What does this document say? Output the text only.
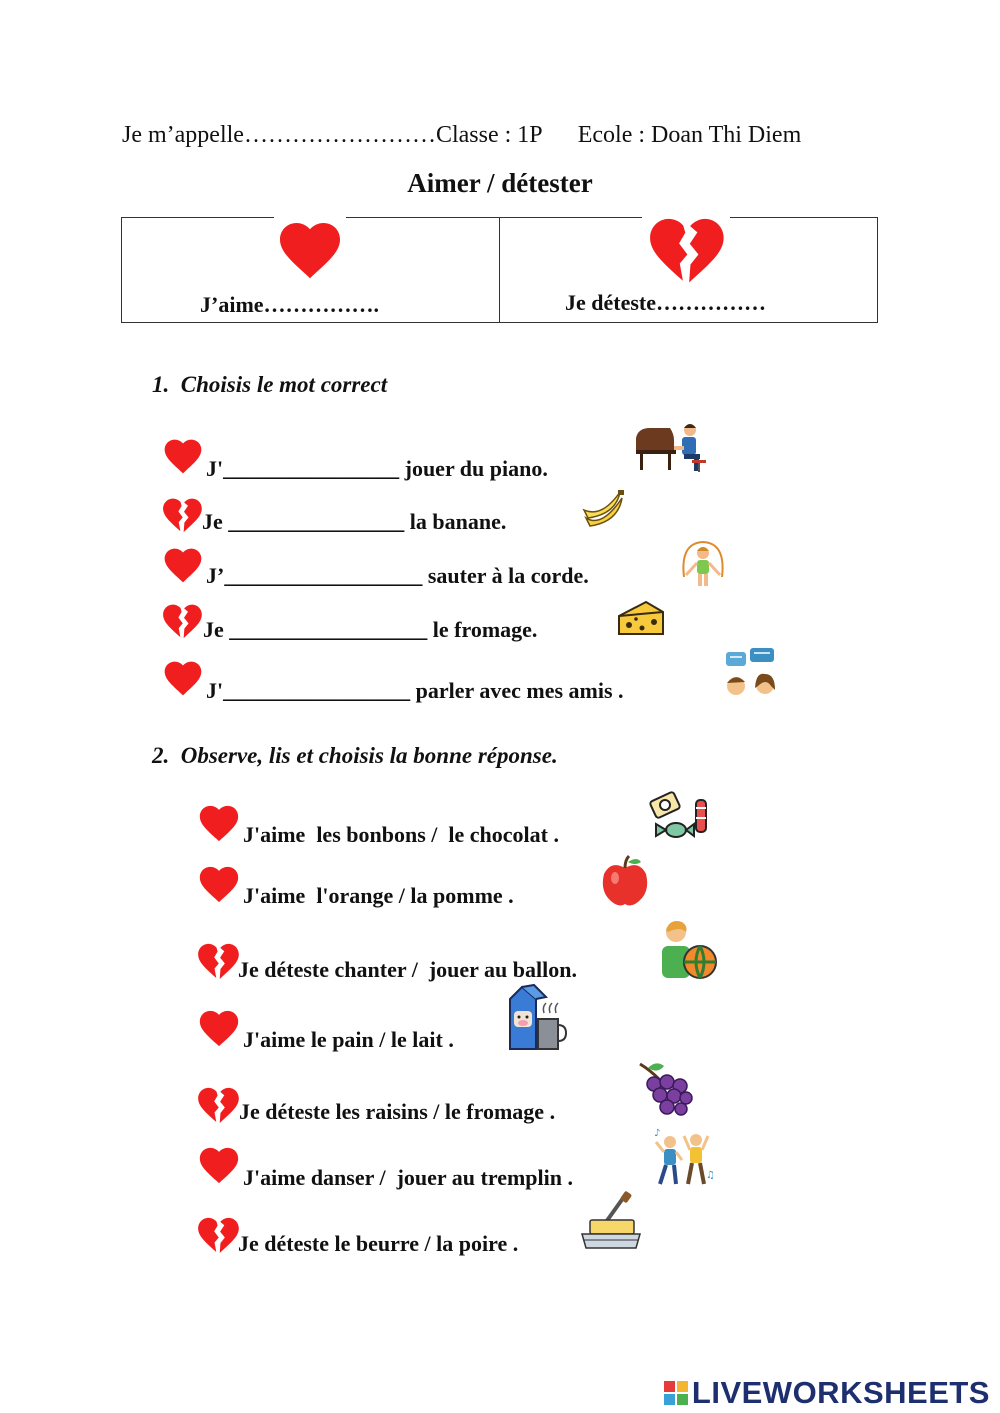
Je m’appelle……………………Classe : 1P      Ecole : Doan Thi Diem
Aimer / détester
J’aime…………….	Je déteste……………
1.  Choisis le mot correct
J'________________ jouer du piano.
Je ________________ la banane.
J’__________________ sauter à la corde.
Je __________________ le fromage.
J'_________________ parler avec mes amis .
2.  Observe, lis et choisis la bonne réponse.
J'aime  les bonbons /  le chocolat .
J'aime  l'orange / la pomme .
Je déteste chanter /  jouer au ballon.
J'aime le pain / le lait .
Je déteste les raisins / le fromage .
J'aime danser /  jouer au tremplin .
♪
♫
Je déteste le beurre / la poire .
LIVEWORKSHEETS
